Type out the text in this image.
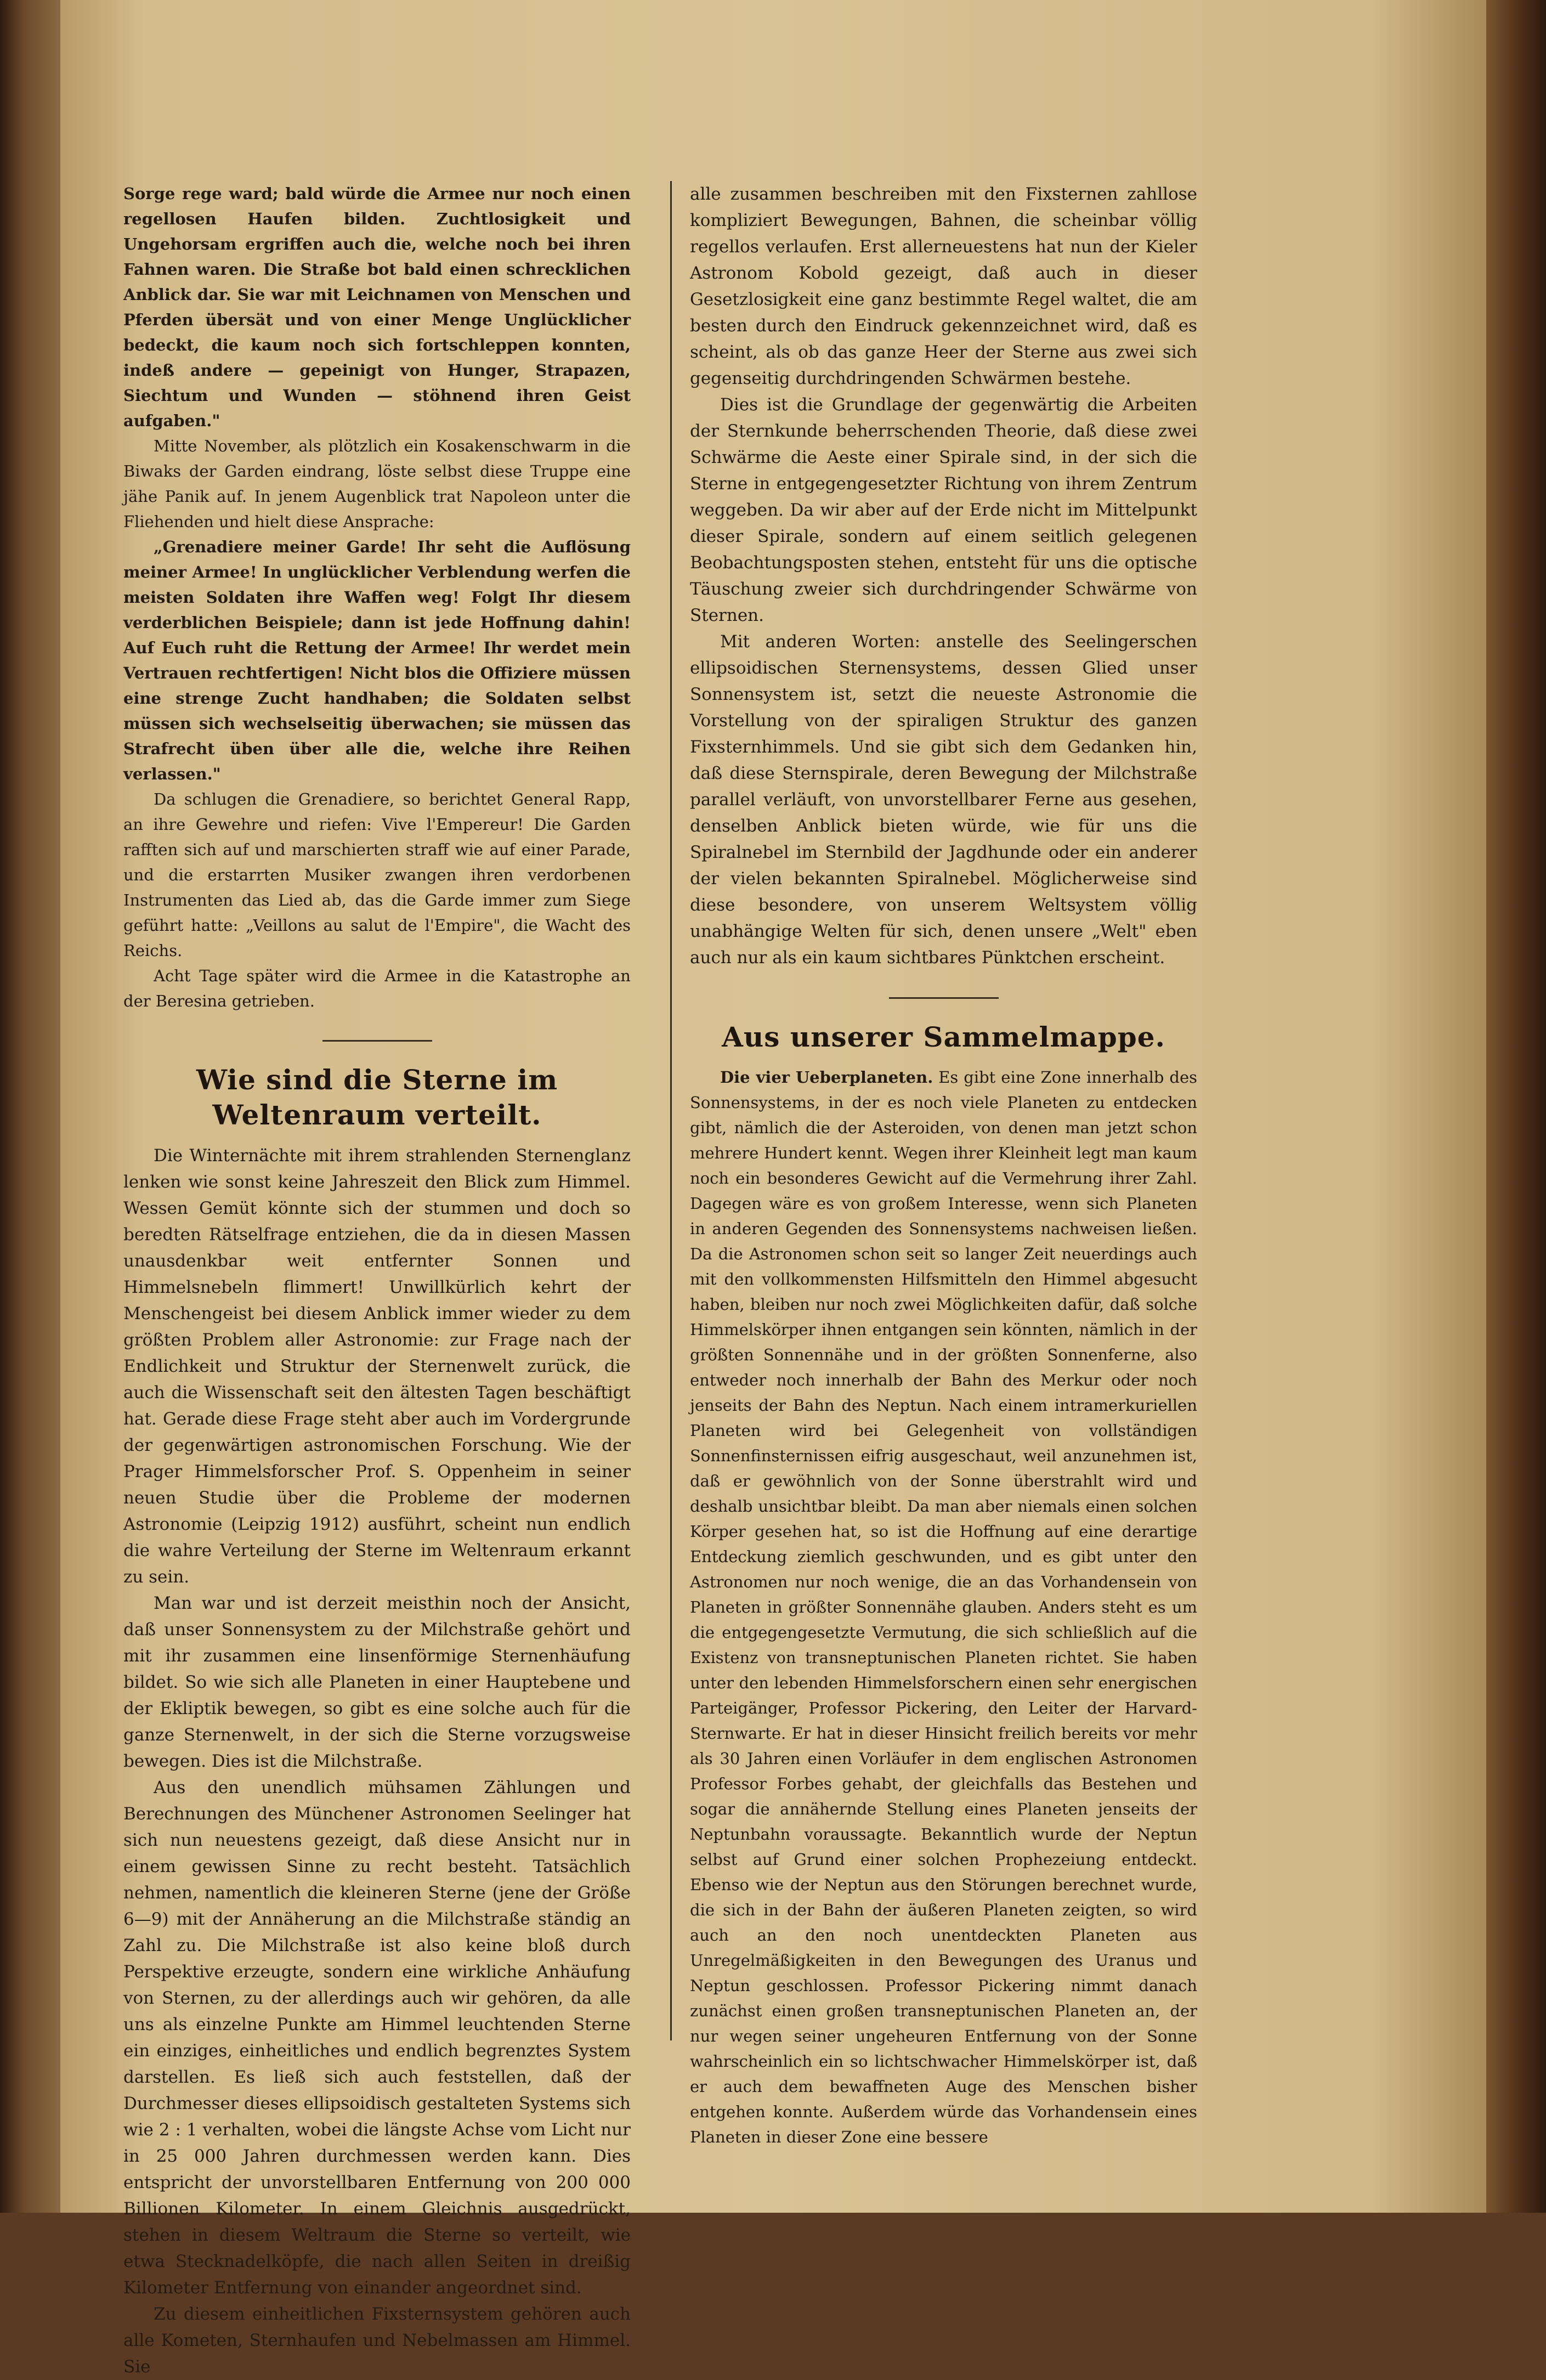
Sorge rege ward; bald würde die Armee nur noch einen regellosen Haufen bilden. Zuchtlosigkeit und Ungehorsam ergriffen auch die, welche noch bei ihren Fahnen waren. Die Straße bot bald einen schrecklichen Anblick dar. Sie war mit Leichnamen von Menschen und Pferden übersät und von einer Menge Unglücklicher bedeckt, die kaum noch sich fortschleppen konnten, indeß andere — gepeinigt von Hunger, Strapazen, Siechtum und Wunden — stöhnend ihren Geist aufgaben."

Mitte November, als plötzlich ein Kosakenschwarm in die Biwaks der Garden eindrang, löste selbst diese Truppe eine jähe Panik auf. In jenem Augenblick trat Napoleon unter die Fliehenden und hielt diese Ansprache:

„Grenadiere meiner Garde! Ihr seht die Auflösung meiner Armee! In unglücklicher Verblendung werfen die meisten Soldaten ihre Waffen weg! Folgt Ihr diesem verderblichen Beispiele; dann ist jede Hoffnung dahin! Auf Euch ruht die Rettung der Armee! Ihr werdet mein Vertrauen rechtfertigen! Nicht blos die Offiziere müssen eine strenge Zucht handhaben; die Soldaten selbst müssen sich wechselseitig überwachen; sie müssen das Strafrecht üben über alle die, welche ihre Reihen verlassen."

Da schlugen die Grenadiere, so berichtet General Rapp, an ihre Gewehre und riefen: Vive l'Empereur! Die Garden rafften sich auf und marschierten straff wie auf einer Parade, und die erstarrten Musiker zwangen ihren verdorbenen Instrumenten das Lied ab, das die Garde immer zum Siege geführt hatte: „Veillons au salut de l'Empire", die Wacht des Reichs.

Acht Tage später wird die Armee in die Katastrophe an der Beresina getrieben.

Wie sind die Sterne im Weltenraum verteilt.

Die Winternächte mit ihrem strahlenden Sternenglanz lenken wie sonst keine Jahreszeit den Blick zum Himmel. Wessen Gemüt könnte sich der stummen und doch so beredten Rätselfrage entziehen, die da in diesen Massen unausdenkbar weit entfernter Sonnen und Himmelsnebeln flimmert! Unwillkürlich kehrt der Menschengeist bei diesem Anblick immer wieder zu dem größten Problem aller Astronomie: zur Frage nach der Endlichkeit und Struktur der Sternenwelt zurück, die auch die Wissenschaft seit den ältesten Tagen beschäftigt hat. Gerade diese Frage steht aber auch im Vordergrunde der gegenwärtigen astronomischen Forschung. Wie der Prager Himmelsforscher Prof. S. Oppenheim in seiner neuen Studie über die Probleme der modernen Astronomie (Leipzig 1912) ausführt, scheint nun endlich die wahre Verteilung der Sterne im Weltenraum erkannt zu sein.

Man war und ist derzeit meisthin noch der Ansicht, daß unser Sonnensystem zu der Milchstraße gehört und mit ihr zusammen eine linsenförmige Sternenhäufung bildet. So wie sich alle Planeten in einer Hauptebene und der Ekliptik bewegen, so gibt es eine solche auch für die ganze Sternenwelt, in der sich die Sterne vorzugsweise bewegen. Dies ist die Milchstraße.

Aus den unendlich mühsamen Zählungen und Berechnungen des Münchener Astronomen Seelinger hat sich nun neuestens gezeigt, daß diese Ansicht nur in einem gewissen Sinne zu recht besteht. Tatsächlich nehmen, namentlich die kleineren Sterne (jene der Größe 6—9) mit der Annäherung an die Milchstraße ständig an Zahl zu. Die Milchstraße ist also keine bloß durch Perspektive erzeugte, sondern eine wirkliche Anhäufung von Sternen, zu der allerdings auch wir gehören, da alle uns als einzelne Punkte am Himmel leuchtenden Sterne ein einziges, einheitliches und endlich begrenztes System darstellen. Es ließ sich auch feststellen, daß der Durchmesser dieses ellipsoidisch gestalteten Systems sich wie 2 : 1 verhalten, wobei die längste Achse vom Licht nur in 25 000 Jahren durchmessen werden kann. Dies entspricht der unvorstellbaren Entfernung von 200 000 Billionen Kilometer. In einem Gleichnis ausgedrückt, stehen in diesem Weltraum die Sterne so verteilt, wie etwa Stecknadelköpfe, die nach allen Seiten in dreißig Kilometer Entfernung von einander angeordnet sind.

Zu diesem einheitlichen Fixsternsystem gehören auch alle Kometen, Sternhaufen und Nebelmassen am Himmel. Sie

alle zusammen beschreiben mit den Fixsternen zahllose kompliziert Bewegungen, Bahnen, die scheinbar völlig regellos verlaufen. Erst allerneuestens hat nun der Kieler Astronom Kobold gezeigt, daß auch in dieser Gesetzlosigkeit eine ganz bestimmte Regel waltet, die am besten durch den Eindruck gekennzeichnet wird, daß es scheint, als ob das ganze Heer der Sterne aus zwei sich gegenseitig durchdringenden Schwärmen bestehe.

Dies ist die Grundlage der gegenwärtig die Arbeiten der Sternkunde beherrschenden Theorie, daß diese zwei Schwärme die Aeste einer Spirale sind, in der sich die Sterne in entgegengesetzter Richtung von ihrem Zentrum weggeben. Da wir aber auf der Erde nicht im Mittelpunkt dieser Spirale, sondern auf einem seitlich gelegenen Beobachtungsposten stehen, entsteht für uns die optische Täuschung zweier sich durchdringender Schwärme von Sternen.

Mit anderen Worten: anstelle des Seelingerschen ellipsoidischen Sternensystems, dessen Glied unser Sonnensystem ist, setzt die neueste Astronomie die Vorstellung von der spiraligen Struktur des ganzen Fixsternhimmels. Und sie gibt sich dem Gedanken hin, daß diese Sternspirale, deren Bewegung der Milchstraße parallel verläuft, von unvorstellbarer Ferne aus gesehen, denselben Anblick bieten würde, wie für uns die Spiralnebel im Sternbild der Jagdhunde oder ein anderer der vielen bekannten Spiralnebel. Möglicherweise sind diese besondere, von unserem Weltsystem völlig unabhängige Welten für sich, denen unsere „Welt" eben auch nur als ein kaum sichtbares Pünktchen erscheint.

Aus unserer Sammelmappe.

Die vier Ueberplaneten. Es gibt eine Zone innerhalb des Sonnensystems, in der es noch viele Planeten zu entdecken gibt, nämlich die der Asteroiden, von denen man jetzt schon mehrere Hundert kennt. Wegen ihrer Kleinheit legt man kaum noch ein besonderes Gewicht auf die Vermehrung ihrer Zahl. Dagegen wäre es von großem Interesse, wenn sich Planeten in anderen Gegenden des Sonnensystems nachweisen ließen. Da die Astronomen schon seit so langer Zeit neuerdings auch mit den vollkommensten Hilfsmitteln den Himmel abgesucht haben, bleiben nur noch zwei Möglichkeiten dafür, daß solche Himmelskörper ihnen entgangen sein könnten, nämlich in der größten Sonnennähe und in der größten Sonnenferne, also entweder noch innerhalb der Bahn des Merkur oder noch jenseits der Bahn des Neptun. Nach einem intramerkuriellen Planeten wird bei Gelegenheit von vollständigen Sonnenfinsternissen eifrig ausgeschaut, weil anzunehmen ist, daß er gewöhnlich von der Sonne überstrahlt wird und deshalb unsichtbar bleibt. Da man aber niemals einen solchen Körper gesehen hat, so ist die Hoffnung auf eine derartige Entdeckung ziemlich geschwunden, und es gibt unter den Astronomen nur noch wenige, die an das Vorhandensein von Planeten in größter Sonnennähe glauben. Anders steht es um die entgegengesetzte Vermutung, die sich schließlich auf die Existenz von transneptunischen Planeten richtet. Sie haben unter den lebenden Himmelsforschern einen sehr energischen Parteigänger, Professor Pickering, den Leiter der Harvard-Sternwarte. Er hat in dieser Hinsicht freilich bereits vor mehr als 30 Jahren einen Vorläufer in dem englischen Astronomen Professor Forbes gehabt, der gleichfalls das Bestehen und sogar die annähernde Stellung eines Planeten jenseits der Neptunbahn voraussagte. Bekanntlich wurde der Neptun selbst auf Grund einer solchen Prophezeiung entdeckt. Ebenso wie der Neptun aus den Störungen berechnet wurde, die sich in der Bahn der äußeren Planeten zeigten, so wird auch an den noch unentdeckten Planeten aus Unregelmäßigkeiten in den Bewegungen des Uranus und Neptun geschlossen. Professor Pickering nimmt danach zunächst einen großen transneptunischen Planeten an, der nur wegen seiner ungeheuren Entfernung von der Sonne wahrscheinlich ein so lichtschwacher Himmelskörper ist, daß er auch dem bewaffneten Auge des Menschen bisher entgehen konnte. Außerdem würde das Vorhandensein eines Planeten in dieser Zone eine bessere
